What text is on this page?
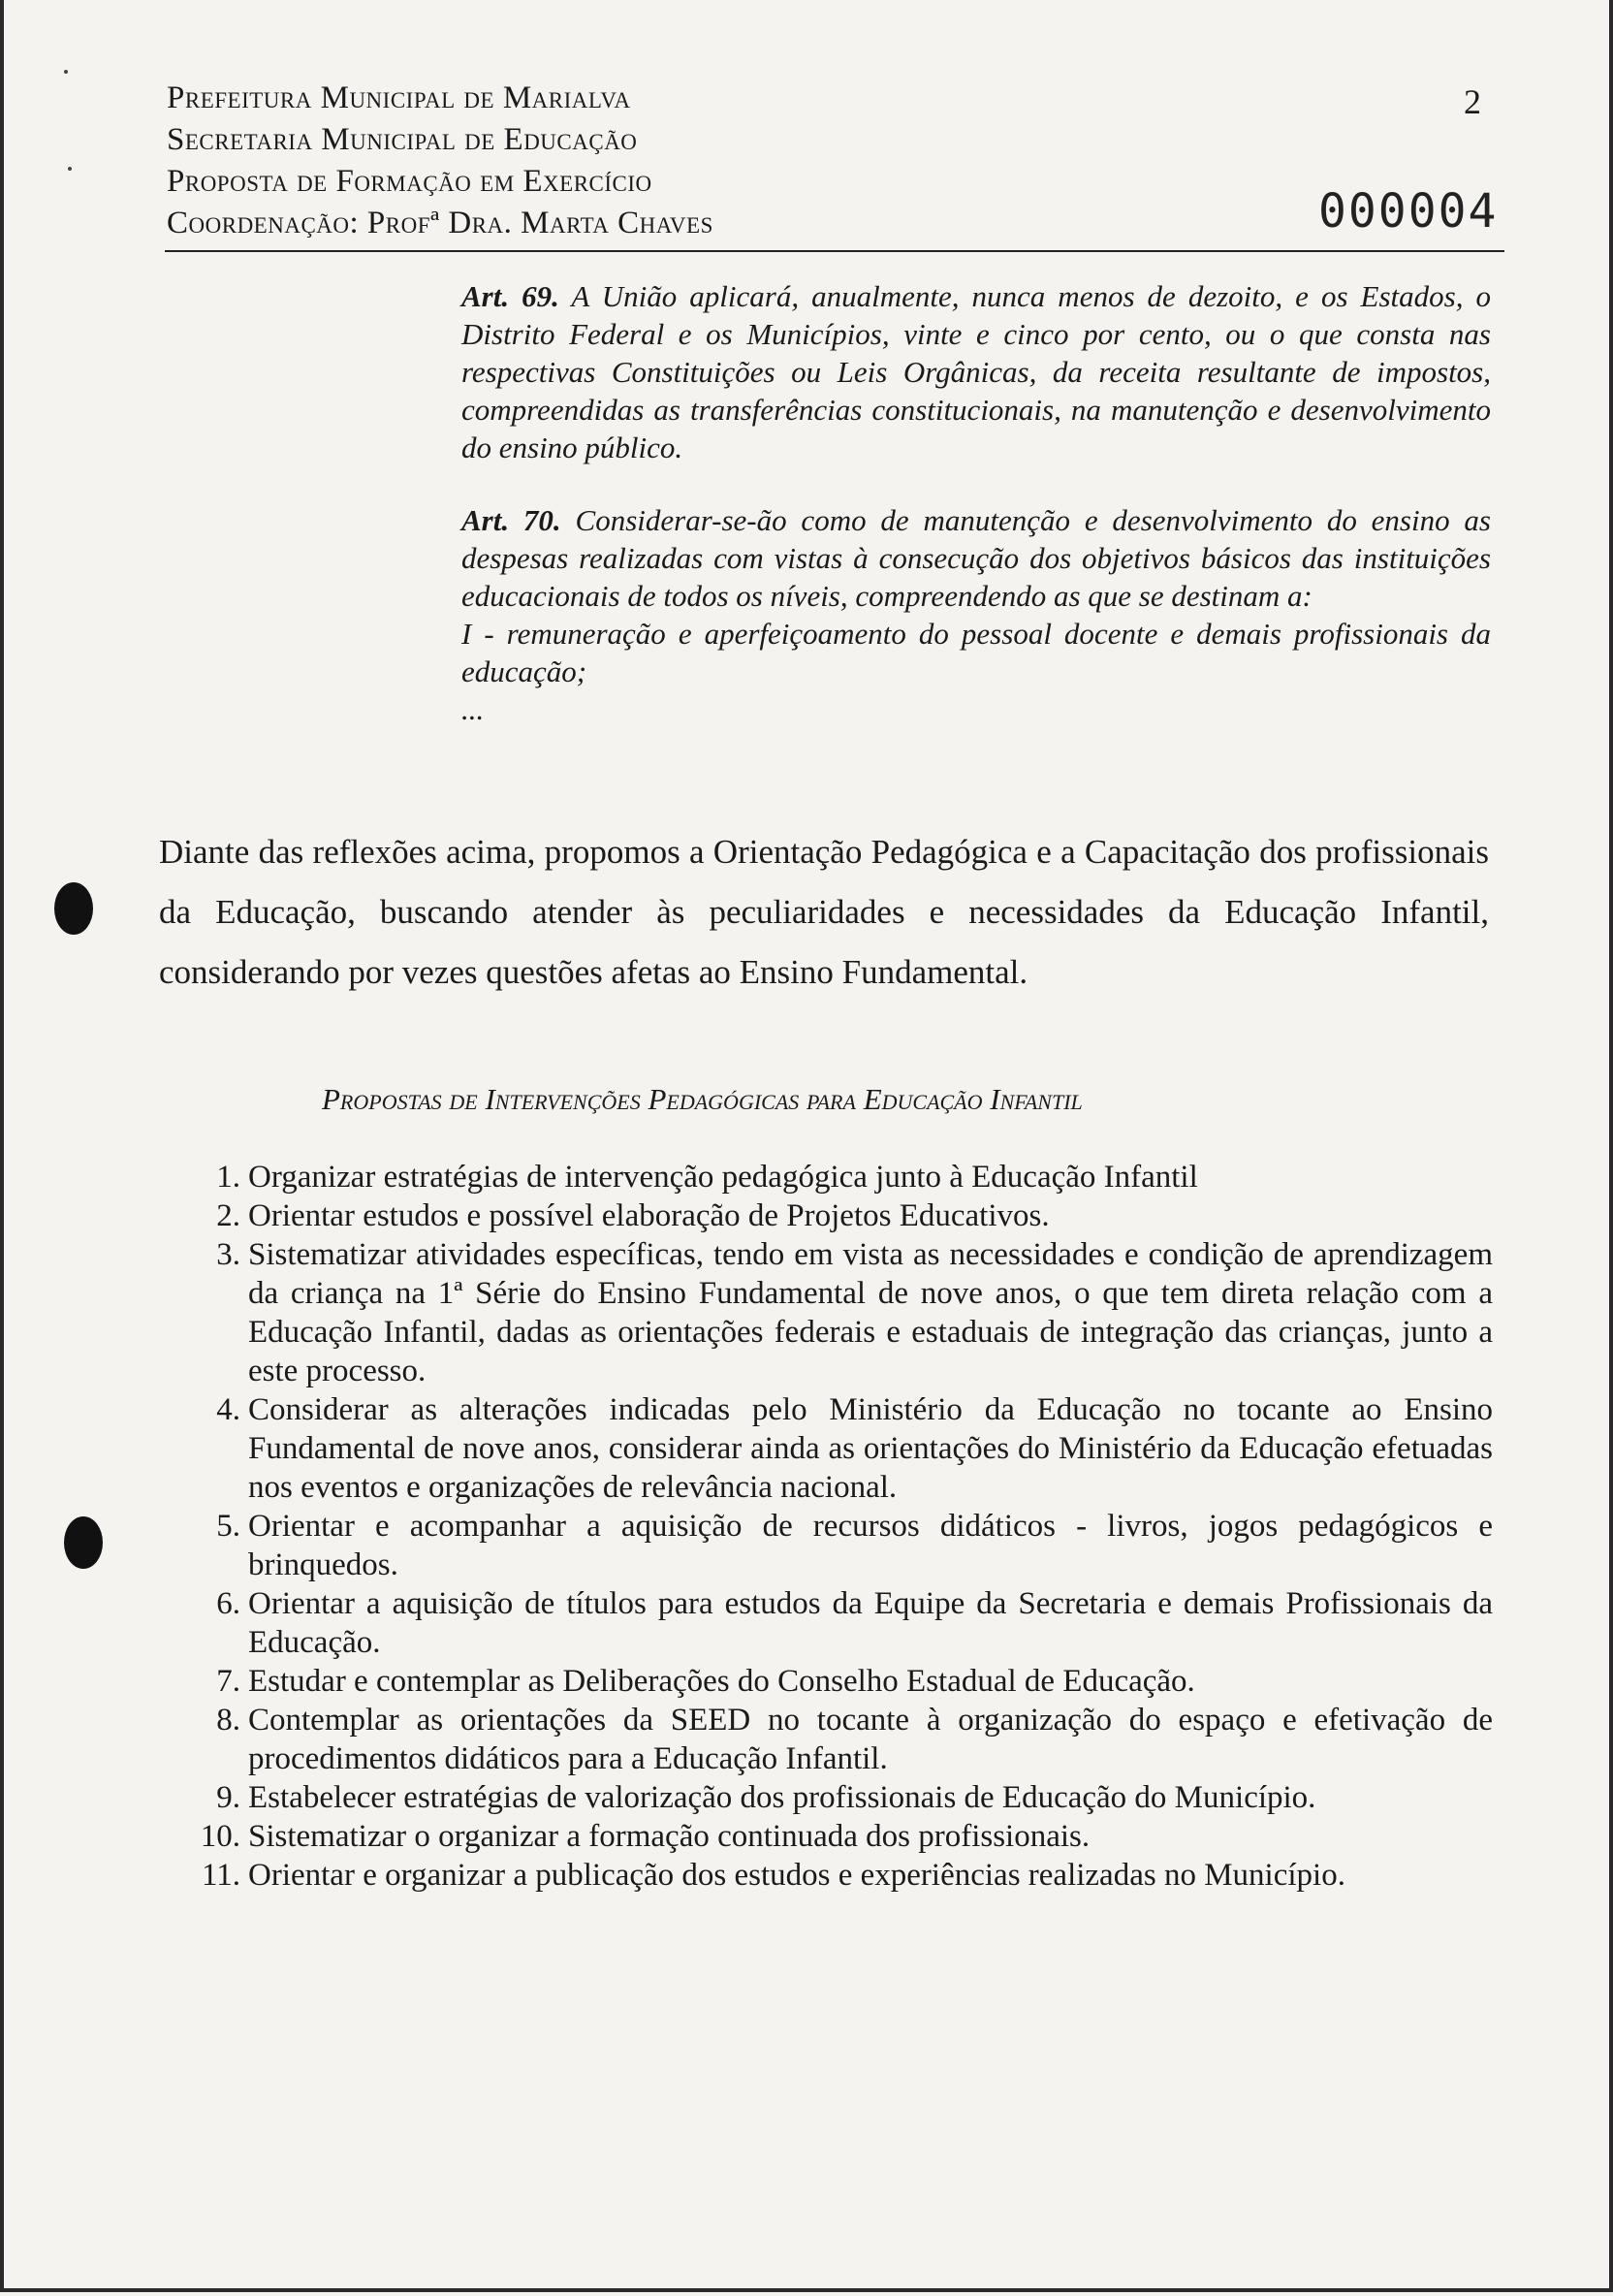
Prefeitura Municipal de Marialva
Secretaria Municipal de Educação
Proposta de Formação em Exercício
Coordenação: Profª Dra. Marta Chaves
2
000004

Art. 69. A União aplicará, anualmente, nunca menos de dezoito, e os Estados, o Distrito Federal e os Municípios, vinte e cinco por cento, ou o que consta nas respectivas Constituições ou Leis Orgânicas, da receita resultante de impostos, compreendidas as transferências constitucionais, na manutenção e desenvolvimento do ensino público.

Art. 70. Considerar-se-ão como de manutenção e desenvolvimento do ensino as despesas realizadas com vistas à consecução dos objetivos básicos das instituições educacionais de todos os níveis, compreendendo as que se destinam a:

I - remuneração e aperfeiçoamento do pessoal docente e demais profissionais da educação;

...

Diante das reflexões acima, propomos a Orientação Pedagógica e a Capacitação dos profissionais da Educação, buscando atender às peculiaridades e necessidades da Educação Infantil, considerando por vezes questões afetas ao Ensino Fundamental.
Propostas de Intervenções Pedagógicas para Educação Infantil
1. Organizar estratégias de intervenção pedagógica junto à Educação Infantil
2. Orientar estudos e possível elaboração de Projetos Educativos.
3. Sistematizar atividades específicas, tendo em vista as necessidades e condição de aprendizagem da criança na 1ª Série do Ensino Fundamental de nove anos, o que tem direta relação com a Educação Infantil, dadas as orientações federais e estaduais de integração das crianças, junto a este processo.
4. Considerar as alterações indicadas pelo Ministério da Educação no tocante ao Ensino Fundamental de nove anos, considerar ainda as orientações do Ministério da Educação efetuadas nos eventos e organizações de relevância nacional.
5. Orientar e acompanhar a aquisição de recursos didáticos - livros, jogos pedagógicos e brinquedos.
6. Orientar a aquisição de títulos para estudos da Equipe da Secretaria e demais Profissionais da Educação.
7. Estudar e contemplar as Deliberações do Conselho Estadual de Educação.
8. Contemplar as orientações da SEED no tocante à organização do espaço e efetivação de procedimentos didáticos para a Educação Infantil.
9. Estabelecer estratégias de valorização dos profissionais de Educação do Município.
10. Sistematizar o organizar a formação continuada dos profissionais.
11. Orientar e organizar a publicação dos estudos e experiências realizadas no Município.
